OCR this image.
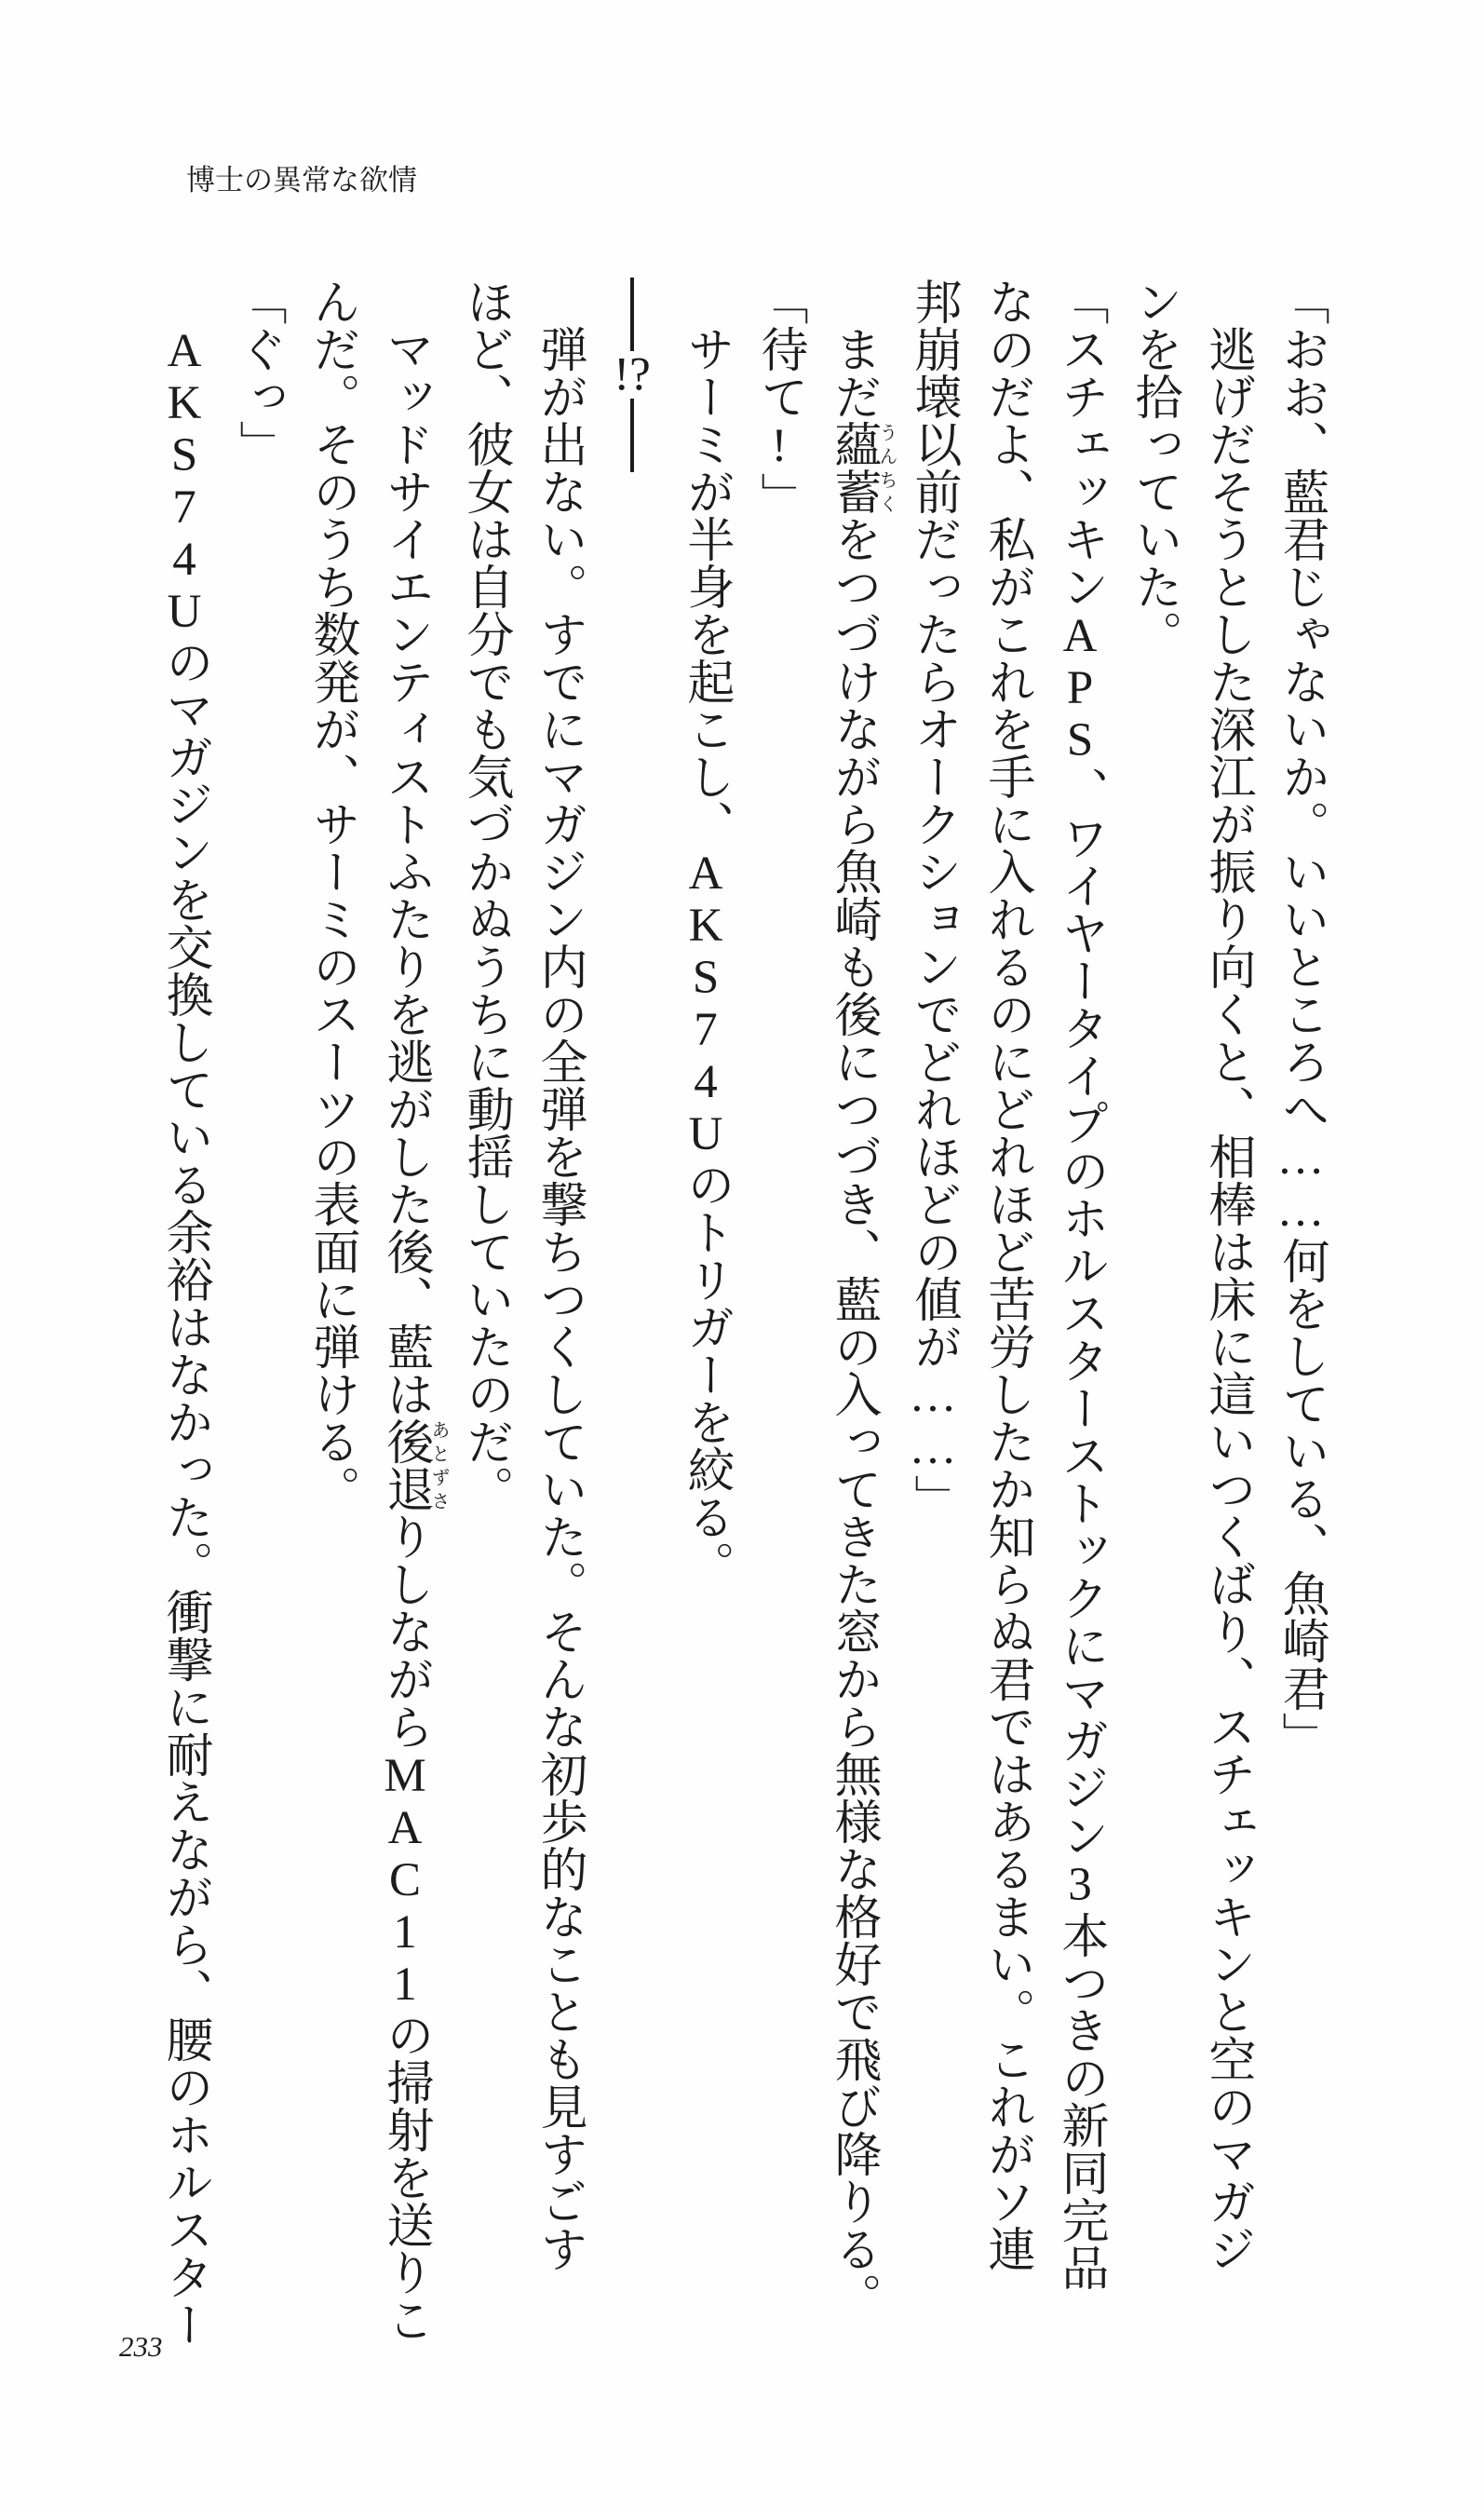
博士の異常な欲情
「おお、藍君じゃないか。いいところへ……何をしている、魚崎君」
逃げだそうとした深江が振り向くと、相棒は床に這いつくばり、スチェッキンと空のマガジ
ンを拾っていた。
「スチェッキンAPS、ワイヤータイプのホルスターストックにマガジン3本つきの新同完品
なのだよ、私がこれを手に入れるのにどれほど苦労したか知らぬ君ではあるまい。これがソ連
邦崩壊以前だったらオークションでどれほどの値が……」
まだ蘊蓄うんちくをつづけながら魚崎も後につづき、藍の入ってきた窓から無様な格好で飛び降りる。
「待て!」
サーミが半身を起こし、AKS74Uのトリガーを絞る。
!?
弾が出ない。すでにマガジン内の全弾を撃ちつくしていた。そんな初歩的なことも見すごす
ほど、彼女は自分でも気づかぬうちに動揺していたのだ。
マッドサイエンティストふたりを逃がした後、藍は後退あとずさりしながらMAC11の掃射を送りこ
んだ。そのうち数発が、サーミのスーツの表面に弾ける。
「ぐっ」
AKS74Uのマガジンを交換している余裕はなかった。衝撃に耐えながら、腰のホルスター
233
